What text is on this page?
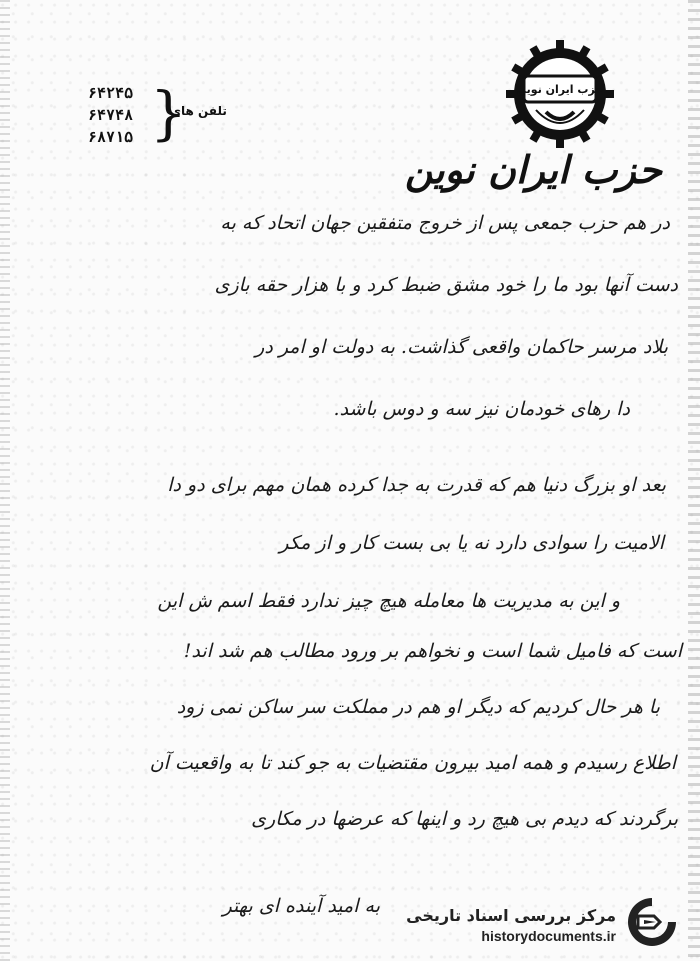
۶۴۲۴۵
۶۴۷۴۸
۶۸۷۱۵ }
تلفن های
حزب ایران نوین
حزب ایران نوین
در هم حزب جمعی پس از خروج متفقین جهان اتحاد که به
دست آنها بود ما را خود مشق ضبط کرد و با هزار حقه بازی
بلاد مرسر حاکمان واقعی گذاشت. به دولت او امر در
دا رهای خودمان نیز سه و دوس باشد.
بعد او بزرگ دنیا هم که قدرت به جدا کرده همان مهم برای دو دا
الامیت را سوادی دارد نه یا بی بست کار و از مکر
و این به مدیریت ها معامله هیچ چیز ندارد فقط اسم ش این
است که فامیل شما است و نخواهم بر ورود مطالب هم شد اند!
با هر حال کردیم که دیگر او هم در مملکت سر ساکن نمی زود
اطلاع رسیدم و همه امید بیرون مقتضیات به جو کند تا به واقعیت آن
برگردند که دیدم بی هیچ رد و اینها که عرضها در مکاری
به امید آینده ای بهتر مرکز بررسی اسناد تاریخی
historydocuments.ir
